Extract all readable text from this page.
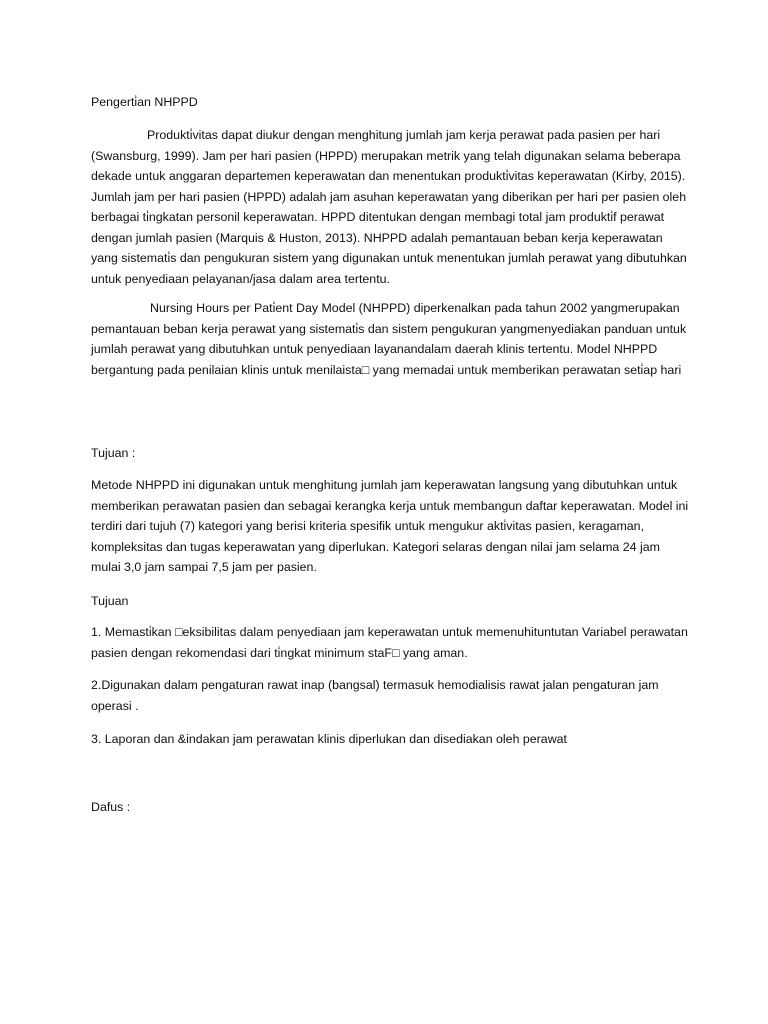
Pengerti̇an NHPPD

Produkti̇vitas dapat diukur dengan menghitung jumlah jam kerja perawat pada pasien per hari (Swansburg, 1999). Jam per hari pasien (HPPD) merupakan metrik yang telah digunakan selama beberapa dekade untuk anggaran departemen keperawatan dan menentukan produkti̇vitas keperawatan (Kirby, 2015). Jumlah jam per hari pasien (HPPD) adalah jam asuhan keperawatan yang diberikan per hari per pasien oleh berbagai ti̇ngkatan personil keperawatan. HPPD ditentukan dengan membagi total jam produkti̇f perawat dengan jumlah pasien (Marquis & Huston, 2013). NHPPD adalah pemantauan beban kerja keperawatan yang sistemati̇s dan pengukuran sistem yang digunakan untuk menentukan jumlah perawat yang dibutuhkan untuk penyediaan pelayanan/jasa dalam area tertentu.

Nursing Hours per Pati̇ent Day Model (NHPPD) diperkenalkan pada tahun 2002 yangmerupakan pemantauan beban kerja perawat yang sistemati̇s dan sistem pengukuran yangmenyediakan panduan untuk jumlah perawat yang dibutuhkan untuk penyediaan layanandalam daerah klinis tertentu. Model NHPPD bergantung pada penilaian klinis untuk menilaista□ yang memadai untuk memberikan perawatan seti̇ap hari

Tujuan :

Metode NHPPD ini digunakan untuk menghitung jumlah jam keperawatan langsung yang dibutuhkan untuk memberikan perawatan pasien dan sebagai kerangka kerja untuk membangun daftar keperawatan. Model ini terdiri dari tujuh (7) kategori yang berisi kriteria spesifik untuk mengukur akti̇vitas pasien, keragaman, kompleksitas dan tugas keperawatan yang diperlukan. Kategori selaras dengan nilai jam selama 24 jam mulai 3,0 jam sampai 7,5 jam per pasien.

Tujuan

1. Memasti̇kan □eksibilitas dalam penyediaan jam keperawatan untuk memenuhituntutan Variabel perawatan pasien dengan rekomendasi dari ti̇ngkat minimum staF□ yang aman.

2.Digunakan dalam pengaturan rawat inap (bangsal) termasuk hemodialisis rawat jalan pengaturan jam operasi .

3. Laporan dan &indakan jam perawatan klinis diperlukan dan disediakan oleh perawat

Dafus :
